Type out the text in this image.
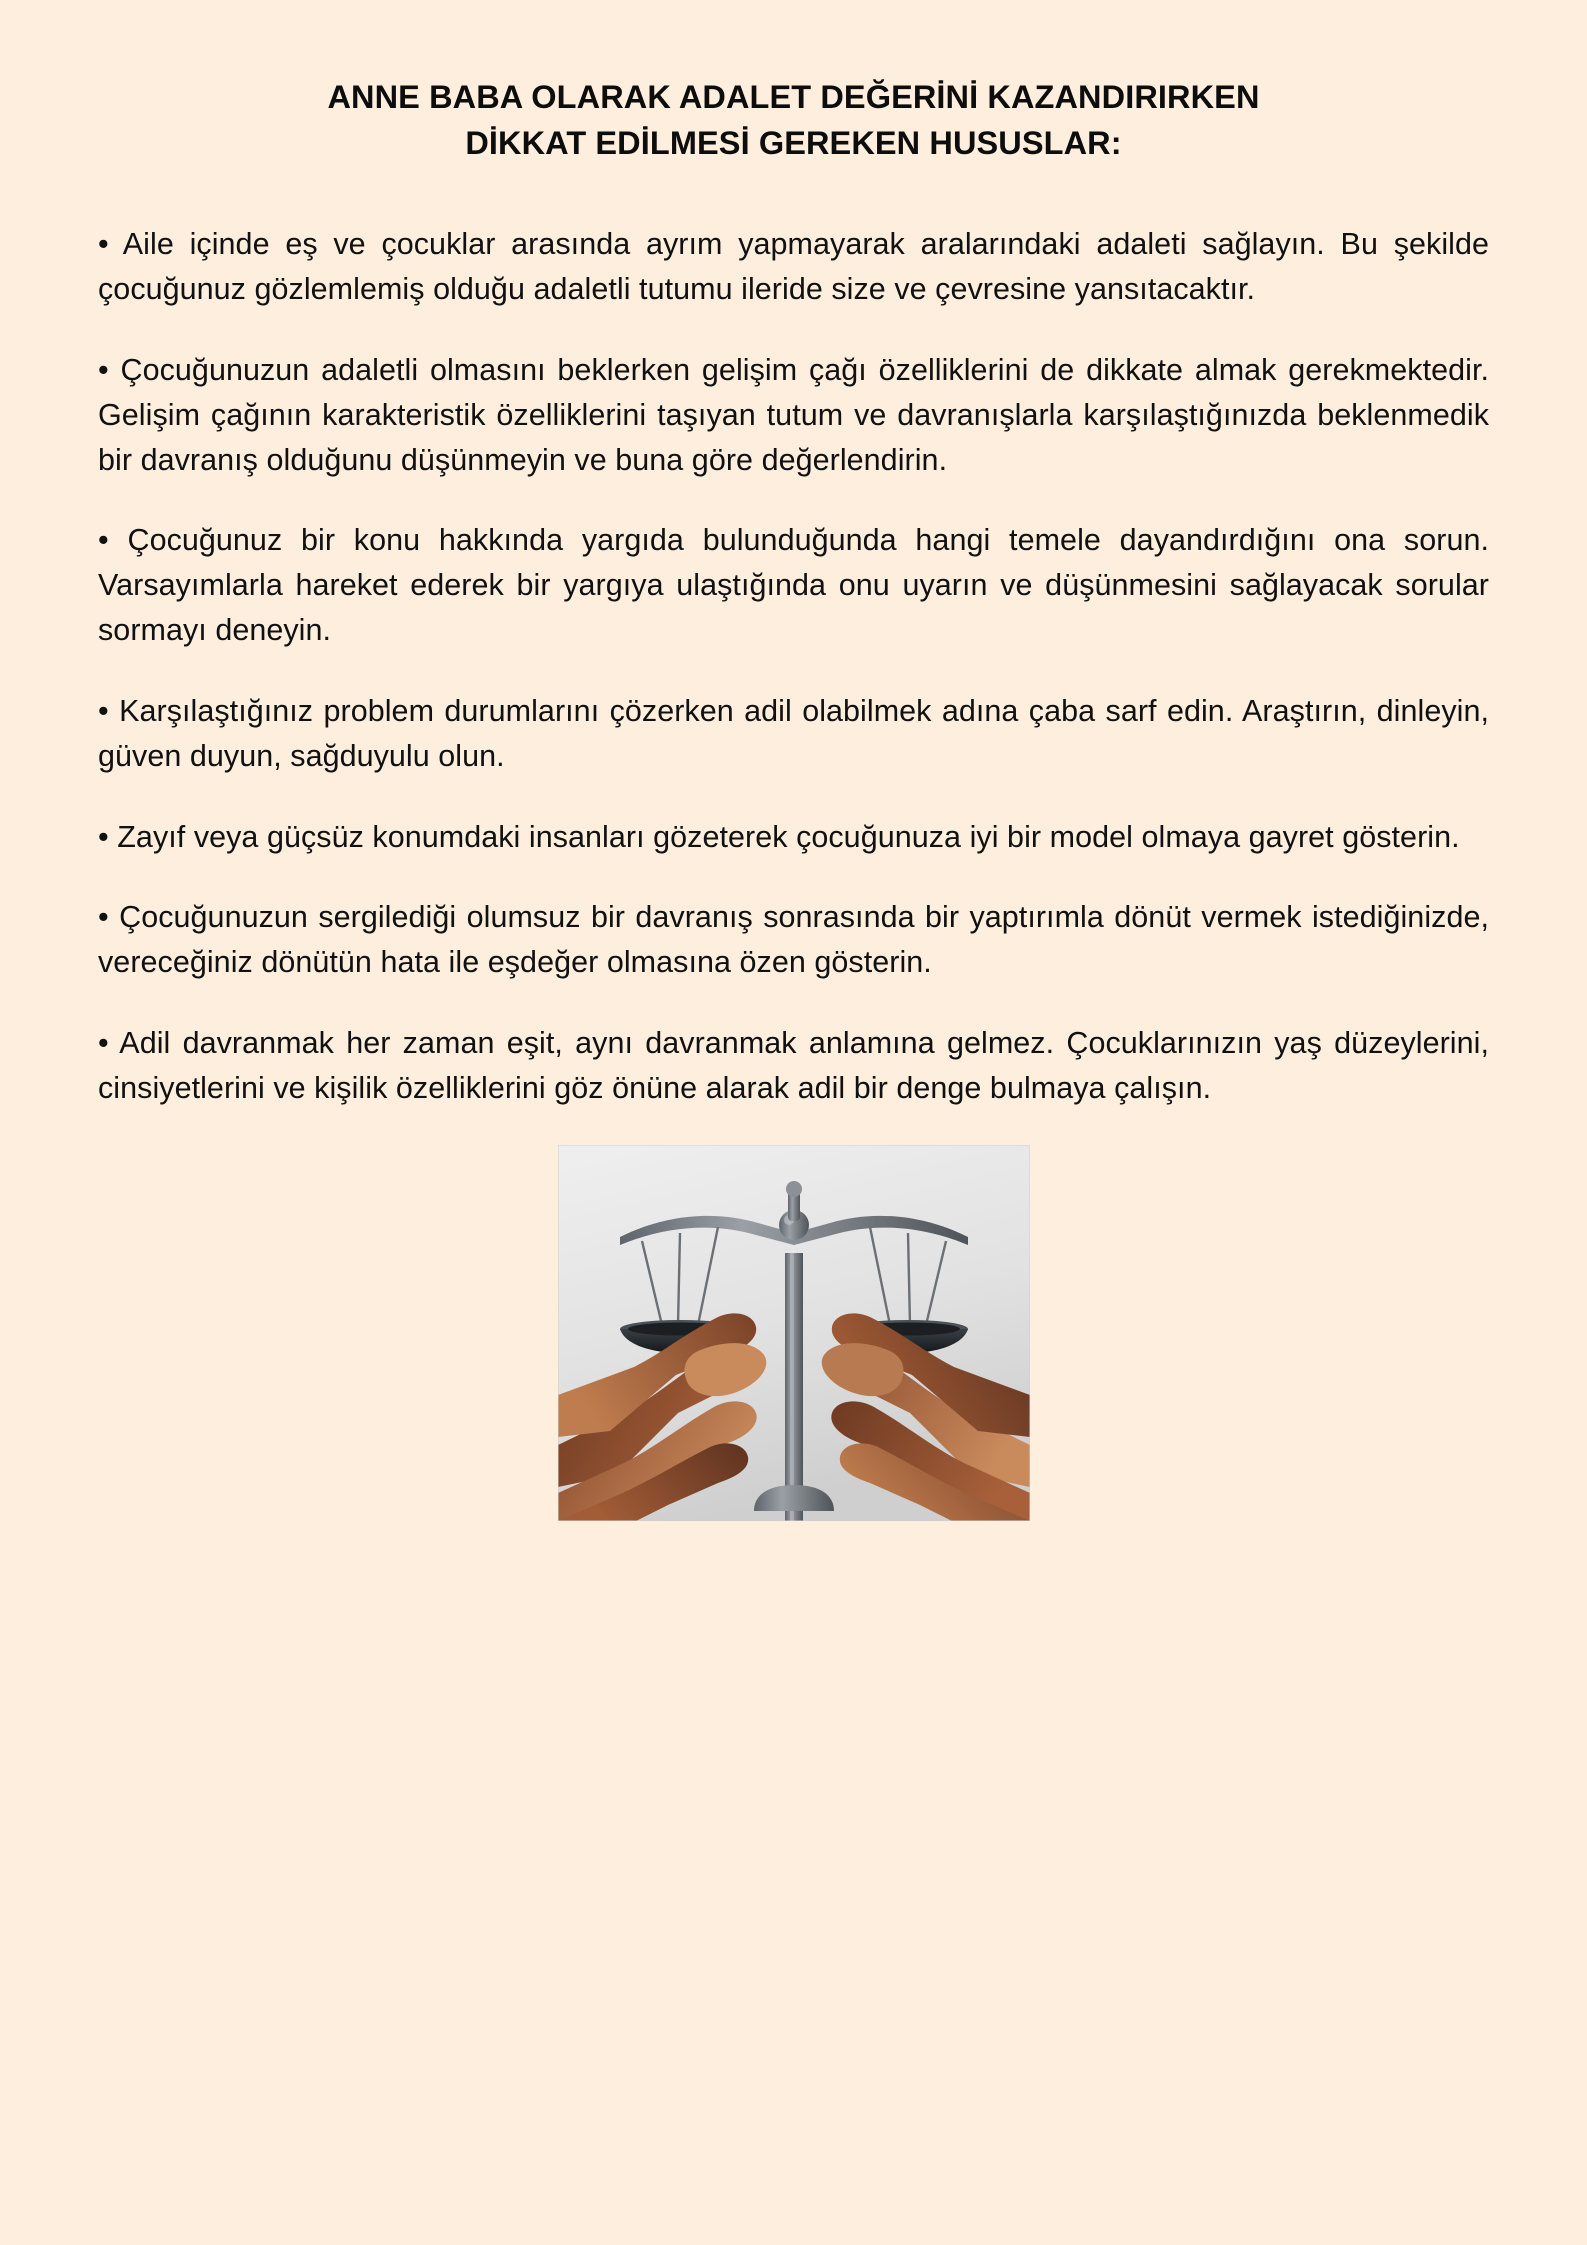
ANNE BABA OLARAK ADALET DEĞERİNİ KAZANDIRIRKEN
DİKKAT EDİLMESİ GEREKEN HUSUSLAR:

• Aile içinde eş ve çocuklar arasında ayrım yapmayarak aralarındaki adaleti sağlayın. Bu şekilde çocuğunuz gözlemlemiş olduğu adaletli tutumu ileride size ve çevresine yansıtacaktır.

• Çocuğunuzun adaletli olmasını beklerken gelişim çağı özelliklerini de dikkate almak gerekmektedir. Gelişim çağının karakteristik özelliklerini taşıyan tutum ve davranışlarla karşılaştığınızda beklenmedik bir davranış olduğunu düşünmeyin ve buna göre değerlendirin.

• Çocuğunuz bir konu hakkında yargıda bulunduğunda hangi temele dayandırdığını ona sorun. Varsayımlarla hareket ederek bir yargıya ulaştığında onu uyarın ve düşünmesini sağlayacak sorular sormayı deneyin.

• Karşılaştığınız problem durumlarını çözerken adil olabilmek adına çaba sarf edin. Araştırın, dinleyin, güven duyun, sağduyulu olun.

• Zayıf veya güçsüz konumdaki insanları gözeterek çocuğunuza iyi bir model olmaya gayret gösterin.

• Çocuğunuzun sergilediği olumsuz bir davranış sonrasında bir yaptırımla dönüt vermek istediğinizde, vereceğiniz dönütün hata ile eşdeğer olmasına özen gösterin.

• Adil davranmak her zaman eşit, aynı davranmak anlamına gelmez. Çocuklarınızın yaş düzeylerini, cinsiyetlerini ve kişilik özelliklerini göz önüne alarak adil bir denge bulmaya çalışın.
